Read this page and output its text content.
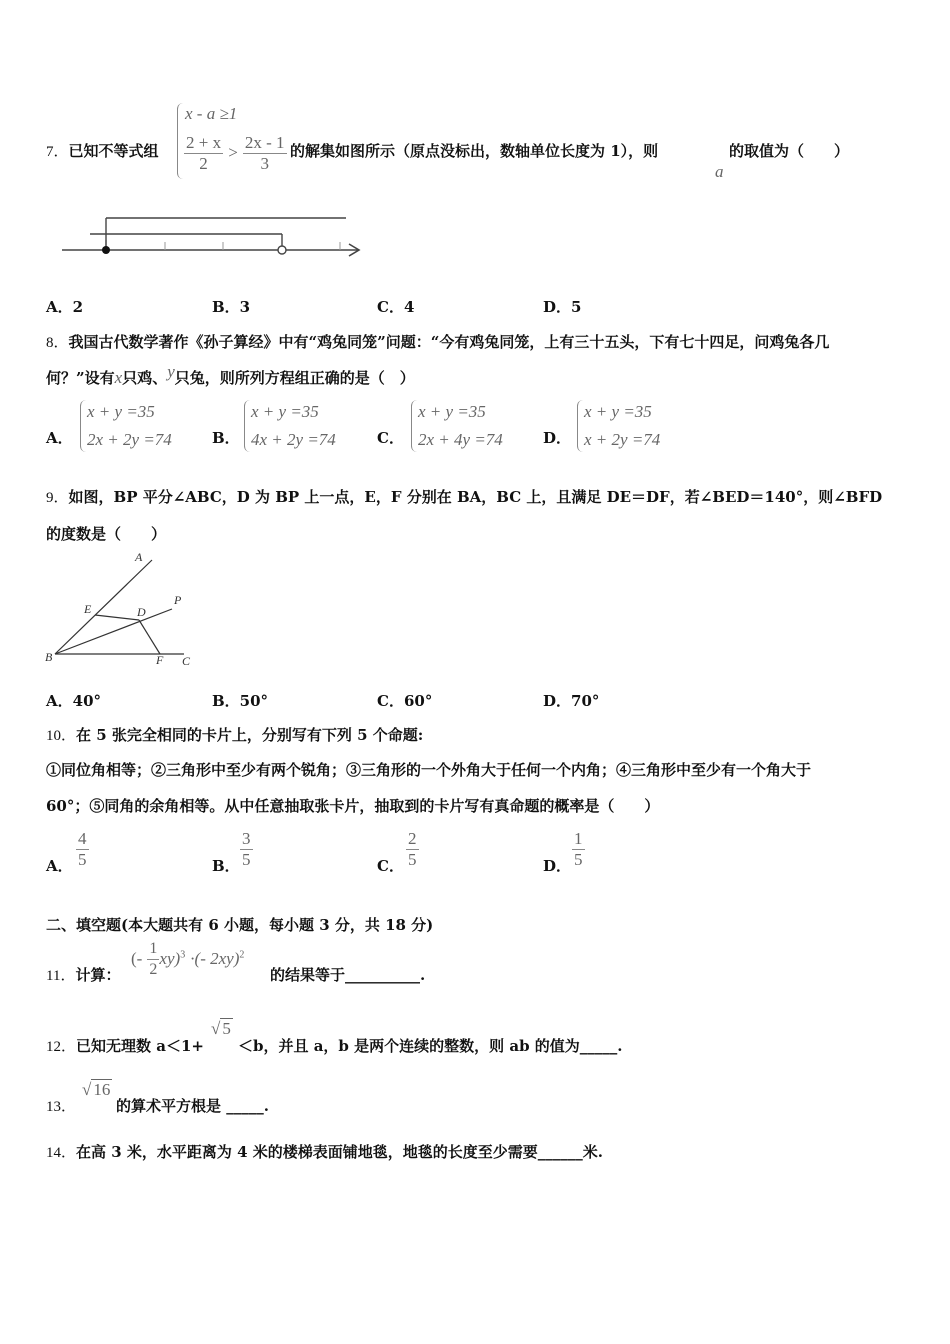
7．已知不等式组
x - a ≥1
$\frac{2 + x}{2} > \frac{2x - 1}{3}$ 的解集如图所示（原点没标出，数轴单位长度为 1），则
a
的取值为（　　）
A．2	B．3	C．4	D．5
8．我国古代数学著作《孙子算经》中有“鸡兔同笼”问题：“今有鸡兔同笼，上有三十五头，下有七十四足，问鸡兔各几
何？”设有x只鸡、y只兔，则所列方程组正确的是（　）
A．
x + y =35
2x + 2y =74	B．
x + y =35
4x + 2y =74	C．
x + y =35
2x + 4y =74	D．
x + y =35
x + 2y =74
9．如图，BP 平分∠ABC，D 为 BP 上一点，E，F 分别在 BA，BC 上，且满足 DE＝DF，若∠BED＝140°，则∠BFD
的度数是（　　）
A
E	D
P
B	F C
A．40°	B．50°	C．60°	D．70°
10．在 5 张完全相同的卡片上，分别写有下列 5 个命题:
①同位角相等；②三角形中至少有两个锐角；③三角形的一个外角大于任何一个内角；④三角形中至少有一个角大于
60°；⑤同角的余角相等。从中任意抽取张卡片，抽取到的卡片写有真命题的概率是（　　）
A． $\frac{4}{5}$	B． $\frac{3}{5}$	C． $\frac{2}{5}$	D． $\frac{1}{5}$
二、填空题(本大题共有 6 小题，每小题 3 分，共 18 分)
11．计算：
(- $\frac{1}{2} xy)^3$ ·(- 2xy)$^2$
的结果等于__________.
12．已知无理数 a＜1+
√ 5
＜b，并且 a，b 是两个连续的整数，则 ab 的值为_____.
13．
√ 16
的算术平方根是 _____.
14．在高 3 米，水平距离为 4 米的楼梯表面铺地毯，地毯的长度至少需要______米.
